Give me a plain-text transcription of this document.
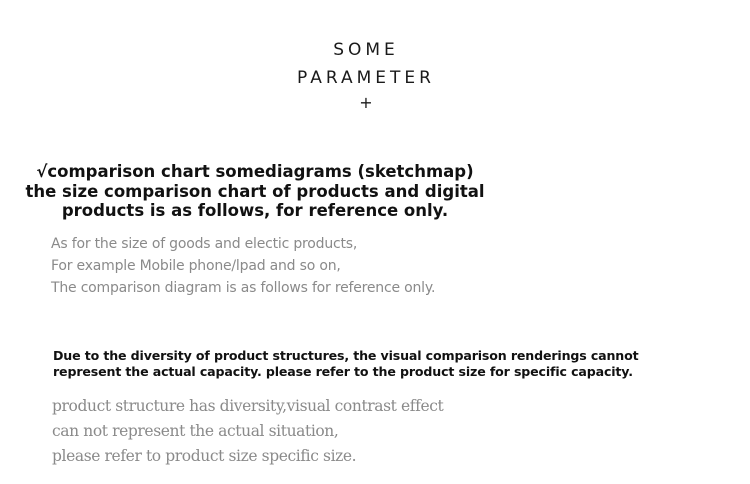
SOME
PARAMETER
+
√comparison chart somediagrams (sketchmap)
the size comparison chart of products and digital
products is as follows, for reference only.
As for the size of goods and electic products,
For example Mobile phone/lpad and so on,
The comparison diagram is as follows for reference only.
Due to the diversity of product structures, the visual comparison renderings cannot
represent the actual capacity. please refer to the product size for specific capacity.
product structure has diversity,visual contrast effect
can not represent the actual situation,
please refer to product size specific size.
